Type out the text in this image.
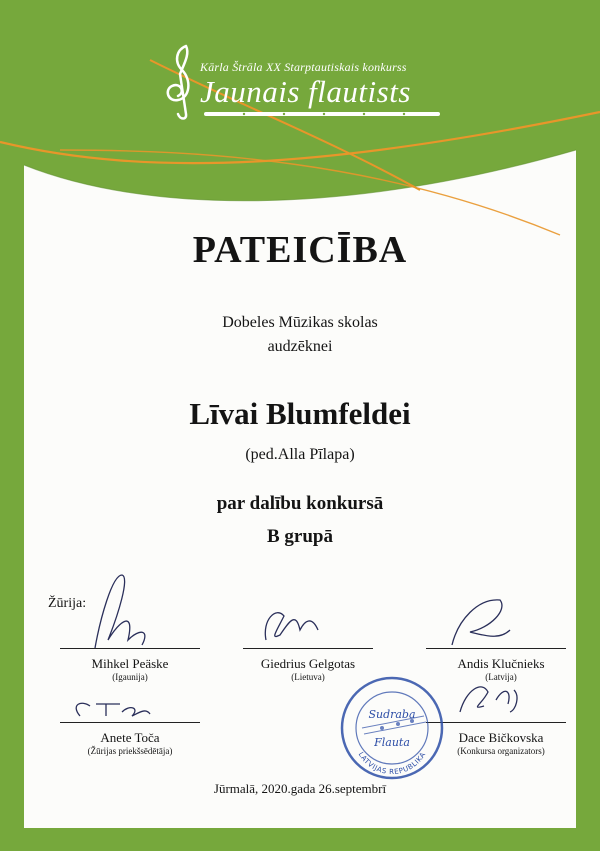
Kārla Štrāla XX Starptautiskais konkurss
Jaunais flautists
PATEICĪBA
Dobeles Mūzikas skolas
audzēknei
Līvai Blumfeldei
(ped.Alla Pīlapa)
par dalību konkursā
B grupā
Žūrija:
Mihkel Peäske
(Igaunija)
Giedrius Gelgotas
(Lietuva)
Andis Klučnieks
(Latvija)
Anete Toča
(Žūrijas priekšsēdētāja)
Dace Bičkovska
(Konkursa organizators)
Sudraba
Flauta
LATVIJAS REPUBLIKA
Jūrmalā, 2020.gada 26.septembrī
